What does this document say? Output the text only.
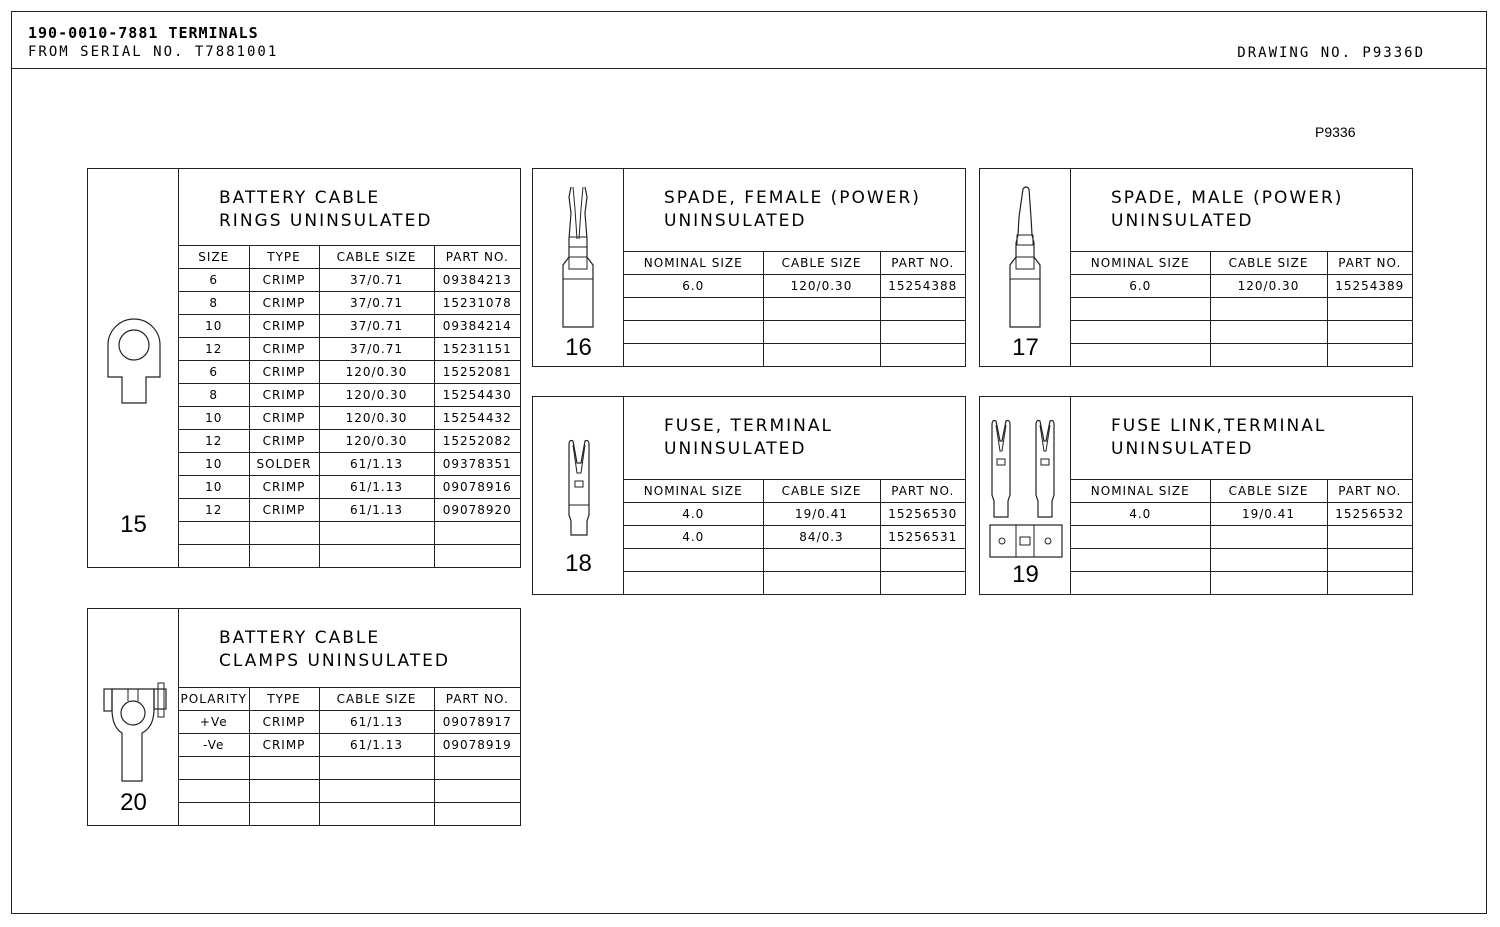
190-0010-7881 TERMINALS
FROM SERIAL NO. T7881001	DRAWING NO. P9336D
P9336
15
BATTERY CABLE
RINGS UNINSULATED
SIZE	TYPE	CABLE SIZE	PART NO.
6	CRIMP	37/0.71	09384213
8	CRIMP	37/0.71	15231078
10	CRIMP	37/0.71	09384214
12	CRIMP	37/0.71	15231151
6	CRIMP	120/0.30	15252081
8	CRIMP	120/0.30	15254430
10	CRIMP	120/0.30	15254432
12	CRIMP	120/0.30	15252082
10	SOLDER	61/1.13	09378351
10	CRIMP	61/1.13	09078916
12	CRIMP	61/1.13	09078920

16
SPADE, FEMALE (POWER)
UNINSULATED
NOMINAL SIZE	CABLE SIZE	PART NO.
6.0	120/0.30	15254388

17
SPADE, MALE (POWER)
UNINSULATED
NOMINAL SIZE	CABLE SIZE	PART NO.
6.0	120/0.30	15254389

18
FUSE, TERMINAL
UNINSULATED
NOMINAL SIZE	CABLE SIZE	PART NO.
4.0	19/0.41	15256530
4.0	84/0.3	15256531

19
FUSE LINK,TERMINAL
UNINSULATED
NOMINAL SIZE	CABLE SIZE	PART NO.
4.0	19/0.41	15256532

20
BATTERY CABLE
CLAMPS UNINSULATED
POLARITY	TYPE	CABLE SIZE	PART NO.
+Ve	CRIMP	61/1.13	09078917
-Ve	CRIMP	61/1.13	09078919
